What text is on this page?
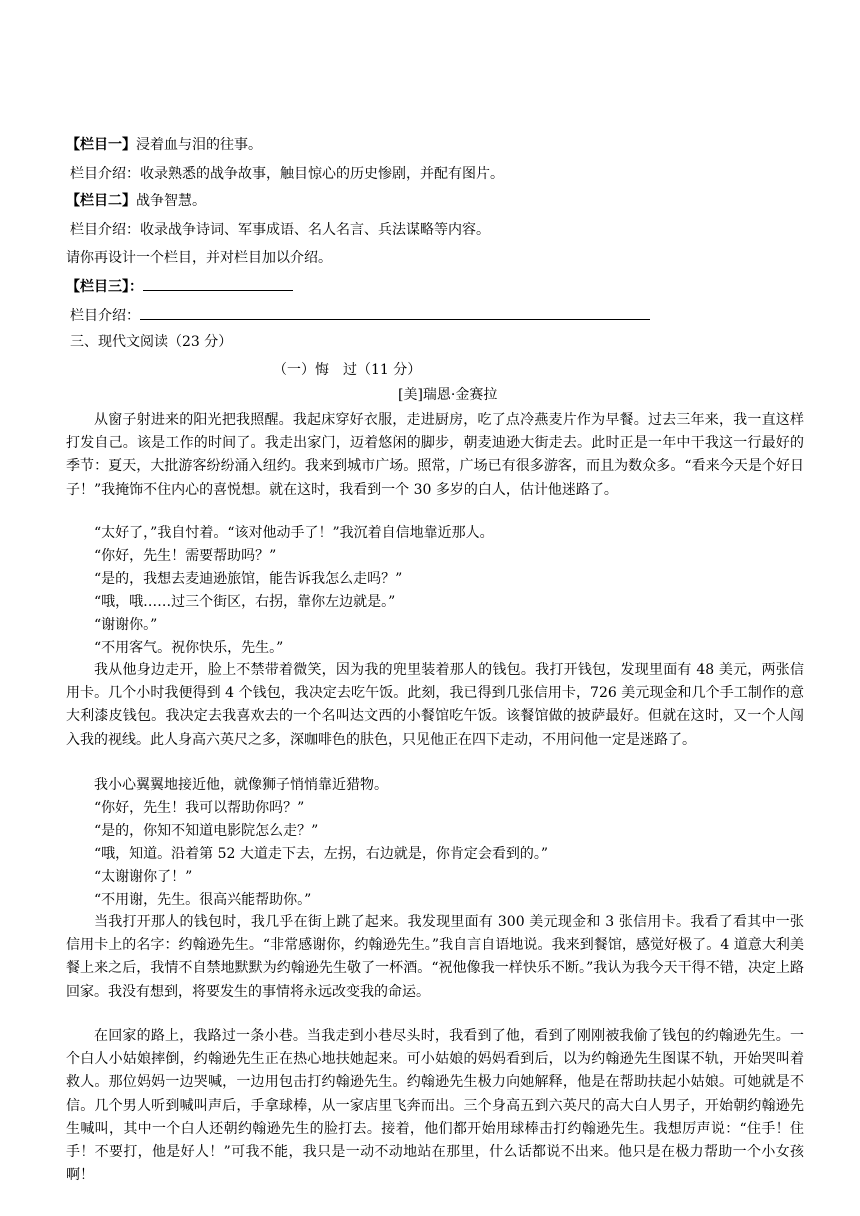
【栏目一】浸着血与泪的往事。
栏目介绍：收录熟悉的战争故事，触目惊心的历史惨剧，并配有图片。
【栏目二】战争智慧。
栏目介绍：收录战争诗词、军事成语、名人名言、兵法谋略等内容。
请你再设计一个栏目，并对栏目加以介绍。
【栏目三】：
栏目介绍：
三、现代文阅读（23 分）
（一）悔　过（11 分）
[美]瑞恩·金赛拉

从窗子射进来的阳光把我照醒。我起床穿好衣服，走进厨房，吃了点冷燕麦片作为早餐。过去三年来，我一直这样打发自己。该是工作的时间了。我走出家门，迈着悠闲的脚步，朝麦迪逊大街走去。此时正是一年中干我这一行最好的季节：夏天，大批游客纷纷涌入纽约。我来到城市广场。照常，广场已有很多游客，而且为数众多。“看来今天是个好日子！”我掩饰不住内心的喜悦想。就在这时，我看到一个 30 多岁的白人，估计他迷路了。

“太好了，”我自忖着。“该对他动手了！”我沉着自信地靠近那人。
“你好，先生！需要帮助吗？”
“是的，我想去麦迪逊旅馆，能告诉我怎么走吗？”
“哦，哦……过三个街区，右拐，靠你左边就是。”
“谢谢你。”
“不用客气。祝你快乐，先生。”

我从他身边走开，脸上不禁带着微笑，因为我的兜里装着那人的钱包。我打开钱包，发现里面有 48 美元，两张信用卡。几个小时我便得到 4 个钱包，我决定去吃午饭。此刻，我已得到几张信用卡，726 美元现金和几个手工制作的意大利漆皮钱包。我决定去我喜欢去的一个名叫达文西的小餐馆吃午饭。该餐馆做的披萨最好。但就在这时，又一个人闯入我的视线。此人身高六英尺之多，深咖啡色的肤色，只见他正在四下走动，不用问他一定是迷路了。

我小心翼翼地接近他，就像狮子悄悄靠近猎物。
“你好，先生！我可以帮助你吗？”
“是的，你知不知道电影院怎么走？”
“哦，知道。沿着第 52 大道走下去，左拐，右边就是，你肯定会看到的。”
“太谢谢你了！”
“不用谢，先生。很高兴能帮助你。”

当我打开那人的钱包时，我几乎在街上跳了起来。我发现里面有 300 美元现金和 3 张信用卡。我看了看其中一张信用卡上的名字：约翰逊先生。“非常感谢你，约翰逊先生。”我自言自语地说。我来到餐馆，感觉好极了。4 道意大利美餐上来之后，我情不自禁地默默为约翰逊先生敬了一杯酒。“祝他像我一样快乐不断。”我认为我今天干得不错，决定上路回家。我没有想到，将要发生的事情将永远改变我的命运。

在回家的路上，我路过一条小巷。当我走到小巷尽头时，我看到了他，看到了刚刚被我偷了钱包的约翰逊先生。一个白人小姑娘摔倒，约翰逊先生正在热心地扶她起来。可小姑娘的妈妈看到后，以为约翰逊先生图谋不轨，开始哭叫着救人。那位妈妈一边哭喊，一边用包击打约翰逊先生。约翰逊先生极力向她解释，他是在帮助扶起小姑娘。可她就是不信。几个男人听到喊叫声后，手拿球棒，从一家店里飞奔而出。三个身高五到六英尺的高大白人男子，开始朝约翰逊先生喊叫，其中一个白人还朝约翰逊先生的脸打去。接着，他们都开始用球棒击打约翰逊先生。我想厉声说：“住手！住手！不要打，他是好人！”可我不能，我只是一动不动地站在那里，什么话都说不出来。他只是在极力帮助一个小女孩啊！
